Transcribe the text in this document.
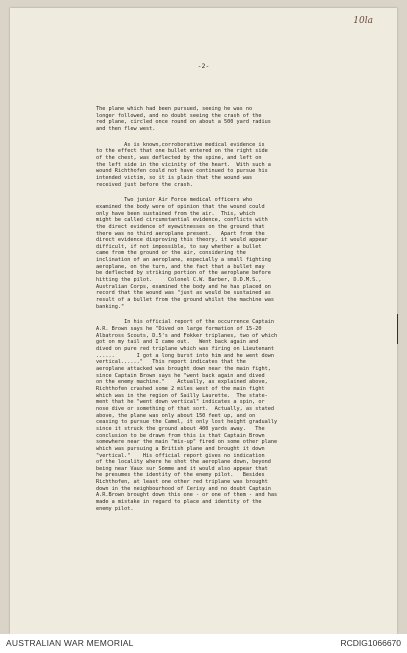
10la
-2-
The plane which had been pursued, seeing he was no
longer followed, and no doubt seeing the crash of the
red plane, circled once round on about a 500 yard radius
and then flew west.
As is known,corroborative medical evidence is
to the effect that one bullet entered on the right side
of the chest, was deflected by the spine, and left on
the left side in the vicinity of the heart.  With such a
wound Richthofen could not have continued to pursue his
intended victim, so it is plain that the wound was
received just before the crash.
Two junior Air Force medical officers who
examined the body were of opinion that the wound could
only have been sustained from the air.  This, which
might be called circumstantial evidence, conflicts with
the direct evidence of eyewitnesses on the ground that
there was no third aeroplane present.   Apart from the
direct evidence disproving this theory, it would appear
difficult, if not impossible, to say whether a bullet
came from the ground or the air, considering the
inclination of an aeroplane, especially a small fighting
aeroplane, on the turn, and the fact that a bullet may
be deflected by striking portion of the aeroplane before
hitting the pilot.     Colonel C.W. Barber, D.D.M.S.,
Australian Corps, examined the body and he has placed on
record that the wound was "just as would be sustained as
result of a bullet from the ground whilst the machine was
banking."
In his official report of the occurrence Captain
A.R. Brown says he "Dived on large formation of 15-20
Albatross Scouts, D.5's and Fokker triplanes, two of which
got on my tail and I came out.   Went back again and
dived on pure red triplane which was firing on Lieutenant
......       I got a long burst into him and he went down
vertical......"   This report indicates that the
aeroplane attacked was brought down near the main fight,
since Captain Brown says he "went back again and dived
on the enemy machine."    Actually, as explained above,
Richthofen crashed some 2 miles west of the main fight
which was in the region of Sailly Laurette.  The state-
ment that he "went down vertical" indicates a spin, or
nose dive or something of that sort.  Actually, as stated
above, the plane was only about 150 feet up, and on
ceasing to pursue the Camel, it only lost height gradually
since it struck the ground about 400 yards away.   The
conclusion to be drawn from this is that Captain Brown
somewhere near the main "mix-up" fired on some other plane
which was pursuing a British plane and brought it down
"vertical."    His official report gives no indication
of the locality where he shot the aeroplane down, beyond
being near Vaux sur Somme and it would also appear that
he presumes the identity of the enemy pilot.   Besides
Richthofen, at least one other red triplane was brought
down in the neighbourhood of Cerisy and no doubt Captain
A.R.Brown brought down this one - or one of them - and has
made a mistake in regard to place and identity of the
enemy pilot.
AUSTRALIAN WAR MEMORIAL	RCDIG1066670
